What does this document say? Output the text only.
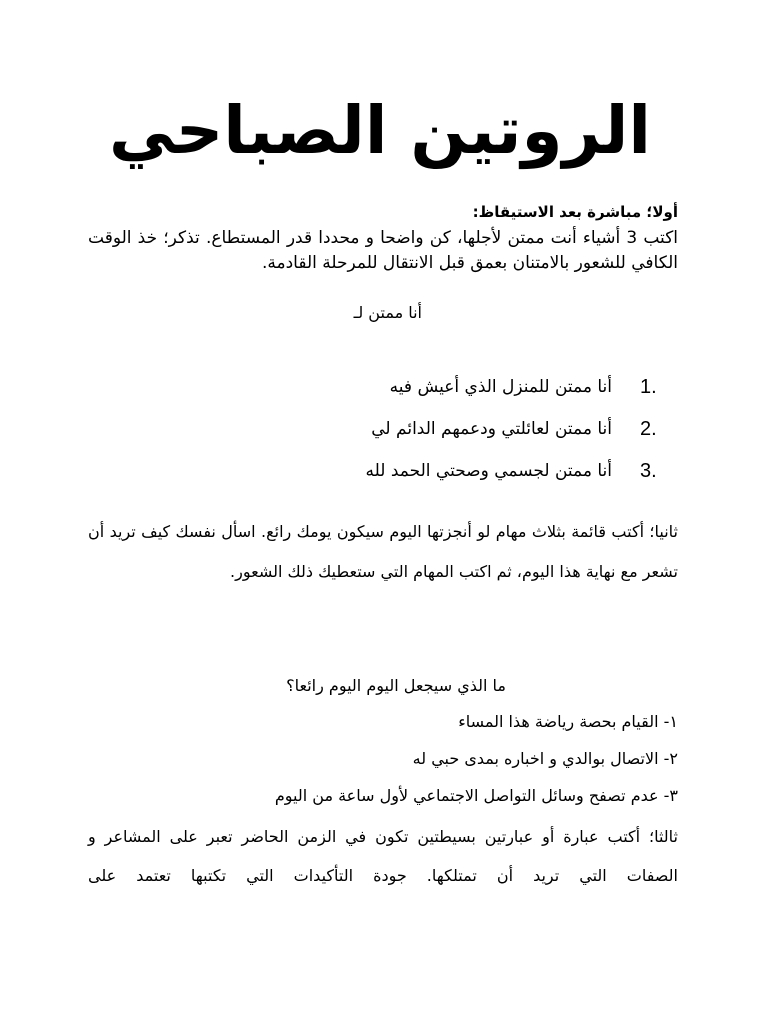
الروتين الصباحي

أولا؛ مباشرة بعد الاستيقاظ:

اكتب 3 أشياء أنت ممتن لأجلها، كن واضحا و محددا قدر المستطاع. تذكر؛ خذ الوقت الكافي للشعور بالامتنان بعمق قبل الانتقال للمرحلة القادمة.

أنا ممتن لـ

1.
أنا ممتن للمنزل الذي أعيش فيه
2.
أنا ممتن لعائلتي ودعمهم الدائم لي
3.
أنا ممتن لجسمي وصحتي الحمد لله

ثانيا؛ أكتب قائمة بثلاث مهام لو أنجزتها اليوم سيكون يومك رائع. اسأل نفسك كيف تريد أن تشعر مع نهاية هذا اليوم، ثم اكتب المهام التي ستعطيك ذلك الشعور.

ما الذي سيجعل اليوم اليوم رائعا؟

١- القيام بحصة رياضة هذا المساء
٢- الاتصال بوالدي و اخباره بمدى حبي له
٣- عدم تصفح وسائل التواصل الاجتماعي لأول ساعة من اليوم

ثالثا؛ أكتب عبارة أو عبارتين بسيطتين تكون في الزمن الحاضر تعبر على المشاعر و الصفات التي تريد أن تمتلكها. جودة التأكيدات التي تكتبها تعتمد على
